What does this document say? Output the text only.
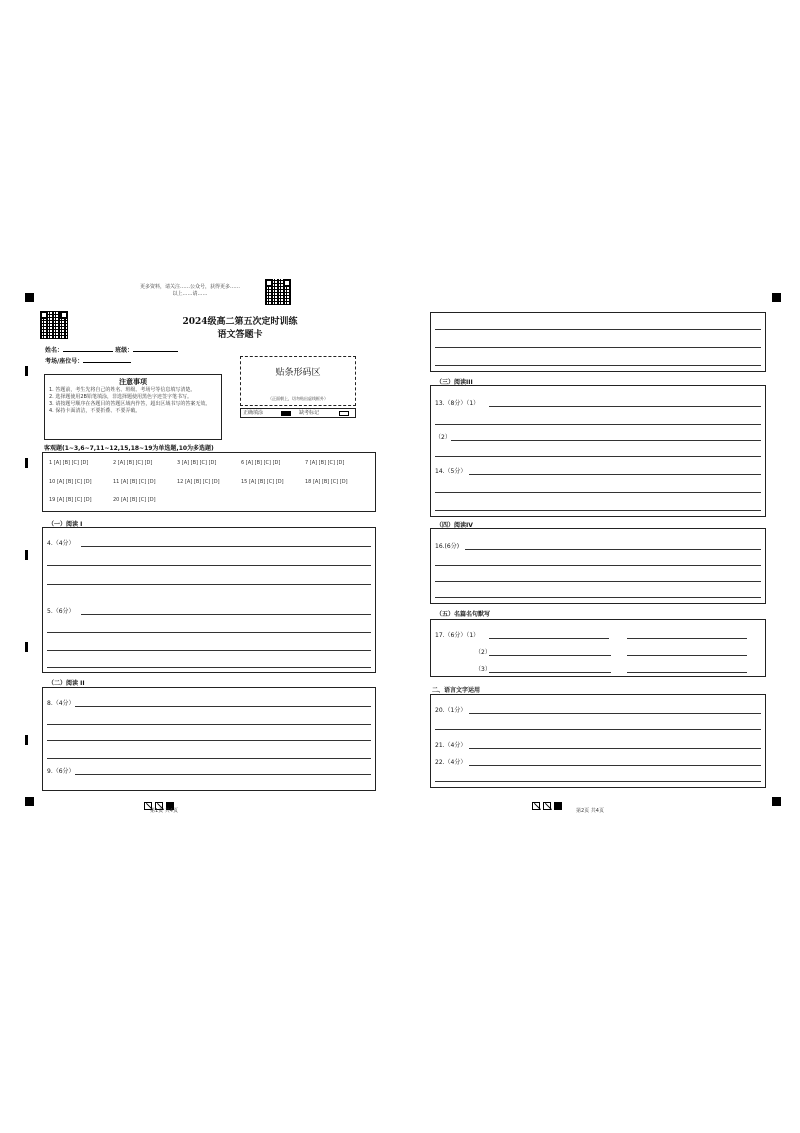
更多资料，请关注……公众号，获得更多……
以上……请……
2024级高二第五次定时训练
语文答题卡
姓名：	班级：
考场/座位号：
注意事项
1. 答题前，考生先将自己的姓名、班级、考场号等信息填写清楚。
2. 选择题使用2B铅笔填涂，非选择题使用黑色字迹签字笔书写。
3. 请按题号顺序在各题目的答题区域内作答，超出区域书写的答案无效。
4. 保持卡面清洁，不要折叠、不要弄破。
贴条形码区
（正面朝上，切勿贴出虚线框外）
正确填涂	缺考标记
客观题(1~3,6~7,11~12,15,18~19为单选题,10为多选题)
1 [A] [B] [C] [D]	2 [A] [B] [C] [D]	3 [A] [B] [C] [D]	6 [A] [B] [C] [D]	7 [A] [B] [C] [D]
10 [A] [B] [C] [D]	11 [A] [B] [C] [D]	12 [A] [B] [C] [D]	15 [A] [B] [C] [D]	18 [A] [B] [C] [D]
19 [A] [B] [C] [D]	20 [A] [B] [C] [D]
（一）阅读 I
4.（4分）
5.（6分）
（二）阅读 II
8.（4分）
9.（6分）
第1页 共4页
（三）阅读III
13.（8分）（1）
（2）
14.（5分）
（四）阅读IV
16.(6分)
（五）名篇名句默写
17.（6分）（1）
（2）
（3）
二、语言文字运用
20.（1分）
21.（4分）
22.（4分）
第2页 共4页
